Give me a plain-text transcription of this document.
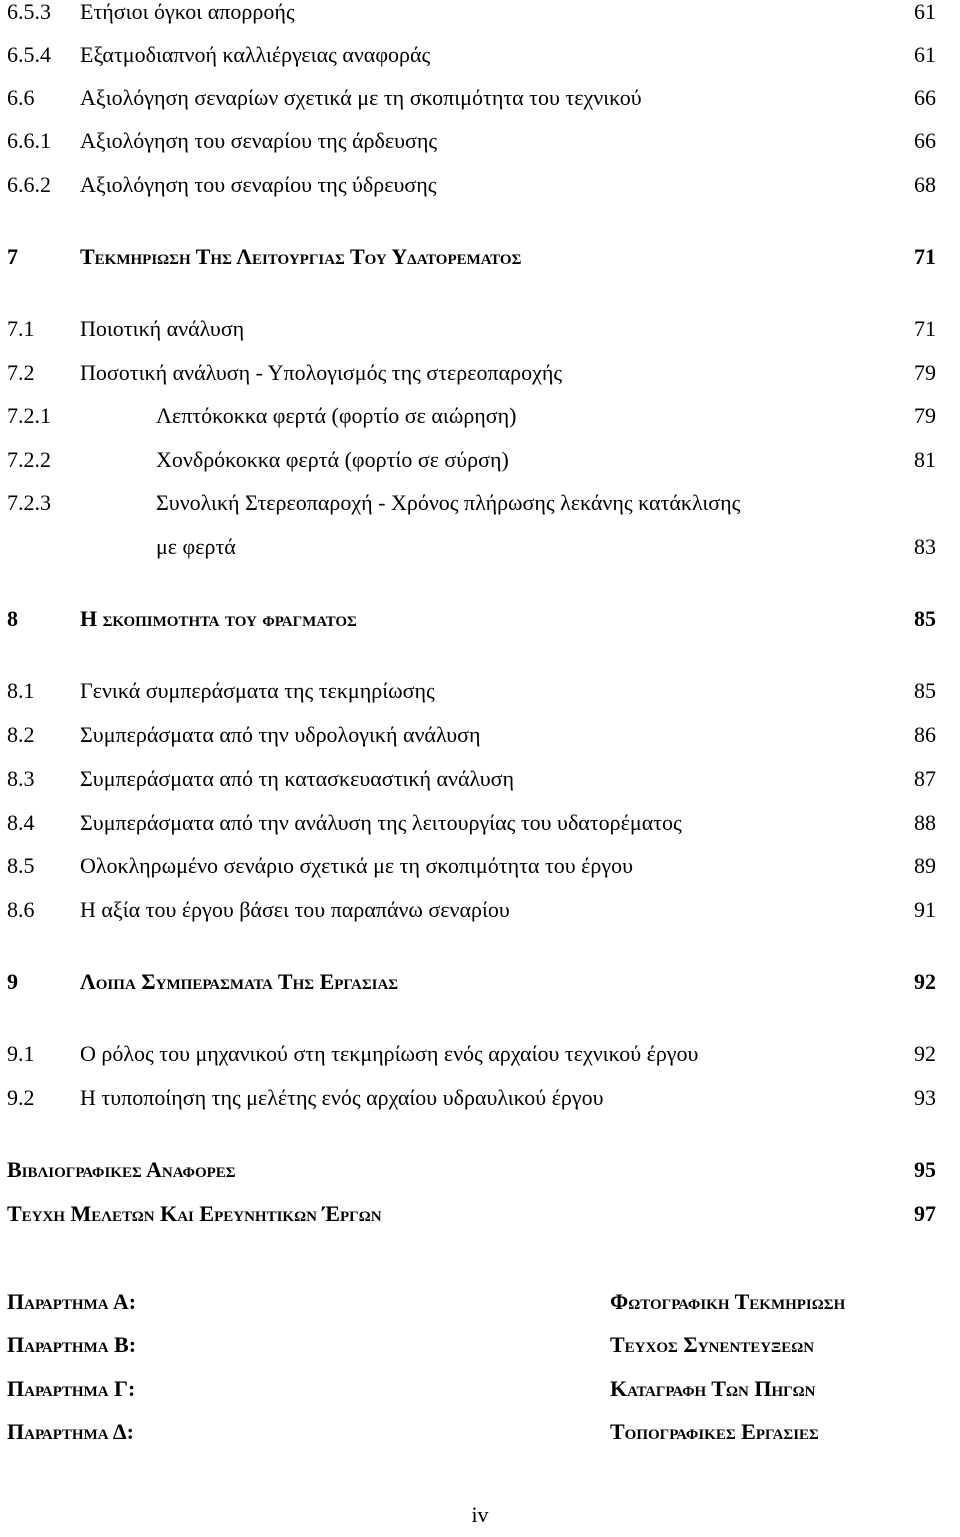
6.5.3 Ετήσιοι όγκοι απορροής	61
6.5.4 Εξατμοδιαπνοή καλλιέργειας αναφοράς	61
6.6 Αξιολόγηση σεναρίων σχετικά με τη σκοπιμότητα του τεχνικού	66
6.6.1 Αξιολόγηση του σεναρίου της άρδευσης	66
6.6.2 Αξιολόγηση του σεναρίου της ύδρευσης	68
7	Τεκμηριωση Της Λειτουργιας Του Υδατορεματος	71
7.1 Ποιοτική ανάλυση	71
7.2 Ποσοτική ανάλυση - Υπολογισμός της στερεοπαροχής	79
7.2.1	Λεπτόκοκκα φερτά (φορτίο σε αιώρηση)	79
7.2.2	Χονδρόκοκκα φερτά (φορτίο σε σύρση)	81
7.2.3	Συνολική Στερεοπαροχή - Χρόνος πλήρωσης λεκάνης κατάκλισης
με φερτά	83
8	Η σκοπιμοτητα του φραγματος	85
8.1 Γενικά συμπεράσματα της τεκμηρίωσης	85
8.2 Συμπεράσματα από την υδρολογική ανάλυση	86
8.3 Συμπεράσματα από τη κατασκευαστική ανάλυση	87
8.4 Συμπεράσματα από την ανάλυση της λειτουργίας του υδατορέματος	88
8.5 Ολοκληρωμένο σενάριο σχετικά με τη σκοπιμότητα του έργου	89
8.6 Η αξία του έργου βάσει του παραπάνω σεναρίου	91
9	Λοιπα Συμπερασματα Της Εργασιας	92
9.1 Ο ρόλος του μηχανικού στη τεκμηρίωση ενός αρχαίου τεχνικού έργου	92
9.2 Η τυποποίηση της μελέτης ενός αρχαίου υδραυλικού έργου	93
Βιβλιογραφικες Αναφορες	95
Τευχη Μελετων Και Ερευνητικων Έργων	97
Παραρτημα Α:	Φωτογραφικη Τεκμηριωση
Παραρτημα Β:	Τευχος Συνεντευξεων
Παραρτημα Γ:	Καταγραφη Των Πηγων
Παραρτημα Δ:	Τοπογραφικες Εργασιες
iv
